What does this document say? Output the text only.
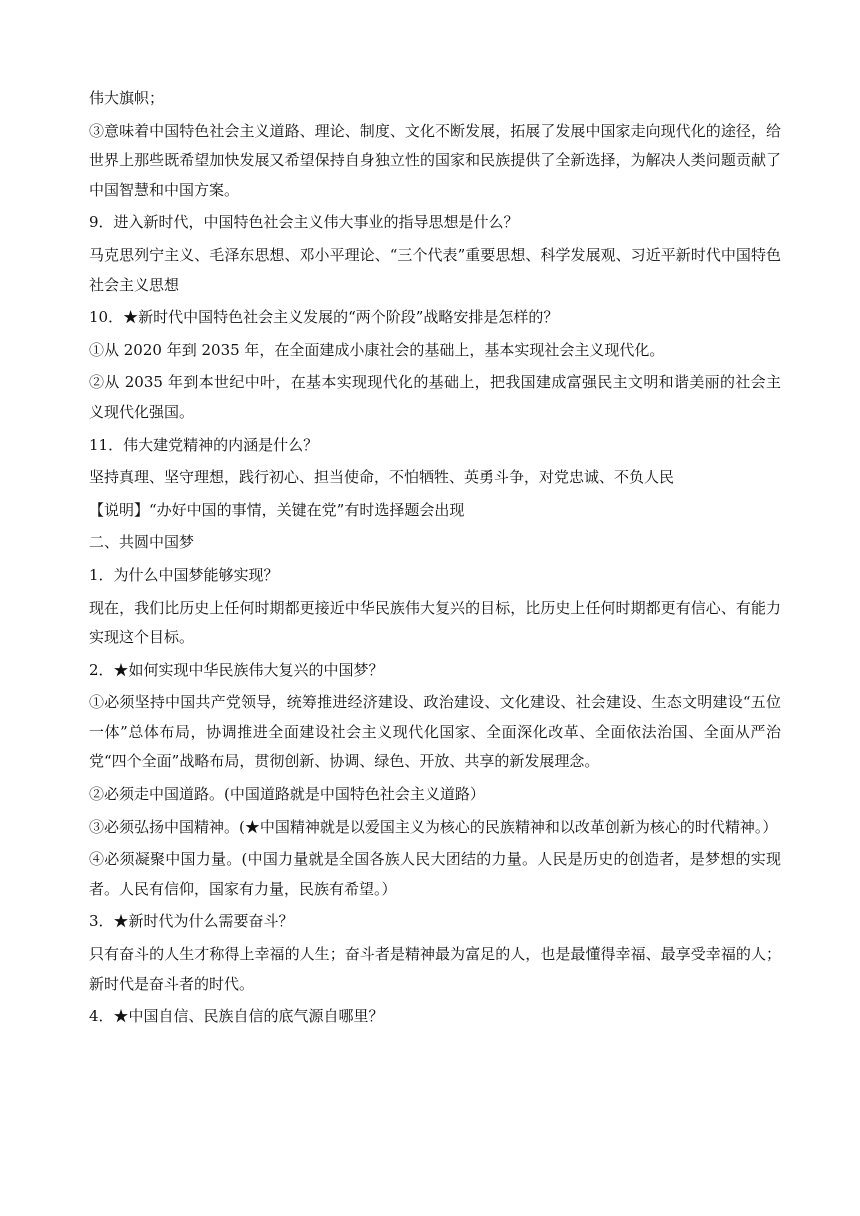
伟大旗帜；

③意味着中国特色社会主义道路、理论、制度、文化不断发展，拓展了发展中国家走向现代化的途径，给世界上那些既希望加快发展又希望保持自身独立性的国家和民族提供了全新选择，为解决人类问题贡献了中国智慧和中国方案。

9．进入新时代，中国特色社会主义伟大事业的指导思想是什么？

马克思列宁主义、毛泽东思想、邓小平理论、“三个代表”重要思想、科学发展观、习近平新时代中国特色社会主义思想

10．★新时代中国特色社会主义发展的“两个阶段”战略安排是怎样的？

①从 2020 年到 2035 年，在全面建成小康社会的基础上，基本实现社会主义现代化。

②从 2035 年到本世纪中叶，在基本实现现代化的基础上，把我国建成富强民主文明和谐美丽的社会主义现代化强国。

11．伟大建党精神的内涵是什么？

坚持真理、坚守理想，践行初心、担当使命，不怕牺牲、英勇斗争，对党忠诚、不负人民

【说明】“办好中国的事情，关键在党”有时选择题会出现

二、共圆中国梦

1．为什么中国梦能够实现？

现在，我们比历史上任何时期都更接近中华民族伟大复兴的目标，比历史上任何时期都更有信心、有能力实现这个目标。

2．★如何实现中华民族伟大复兴的中国梦？

①必须坚持中国共产党领导，统筹推进经济建设、政治建设、文化建设、社会建设、生态文明建设“五位一体”总体布局，协调推进全面建设社会主义现代化国家、全面深化改革、全面依法治国、全面从严治党“四个全面”战略布局，贯彻创新、协调、绿色、开放、共享的新发展理念。

②必须走中国道路。(中国道路就是中国特色社会主义道路）

③必须弘扬中国精神。(★中国精神就是以爱国主义为核心的民族精神和以改革创新为核心的时代精神。）

④必须凝聚中国力量。(中国力量就是全国各族人民大团结的力量。人民是历史的创造者，是梦想的实现者。人民有信仰，国家有力量，民族有希望。）

3．★新时代为什么需要奋斗？

只有奋斗的人生才称得上幸福的人生；奋斗者是精神最为富足的人，也是最懂得幸福、最享受幸福的人；新时代是奋斗者的时代。

4．★中国自信、民族自信的底气源自哪里？
